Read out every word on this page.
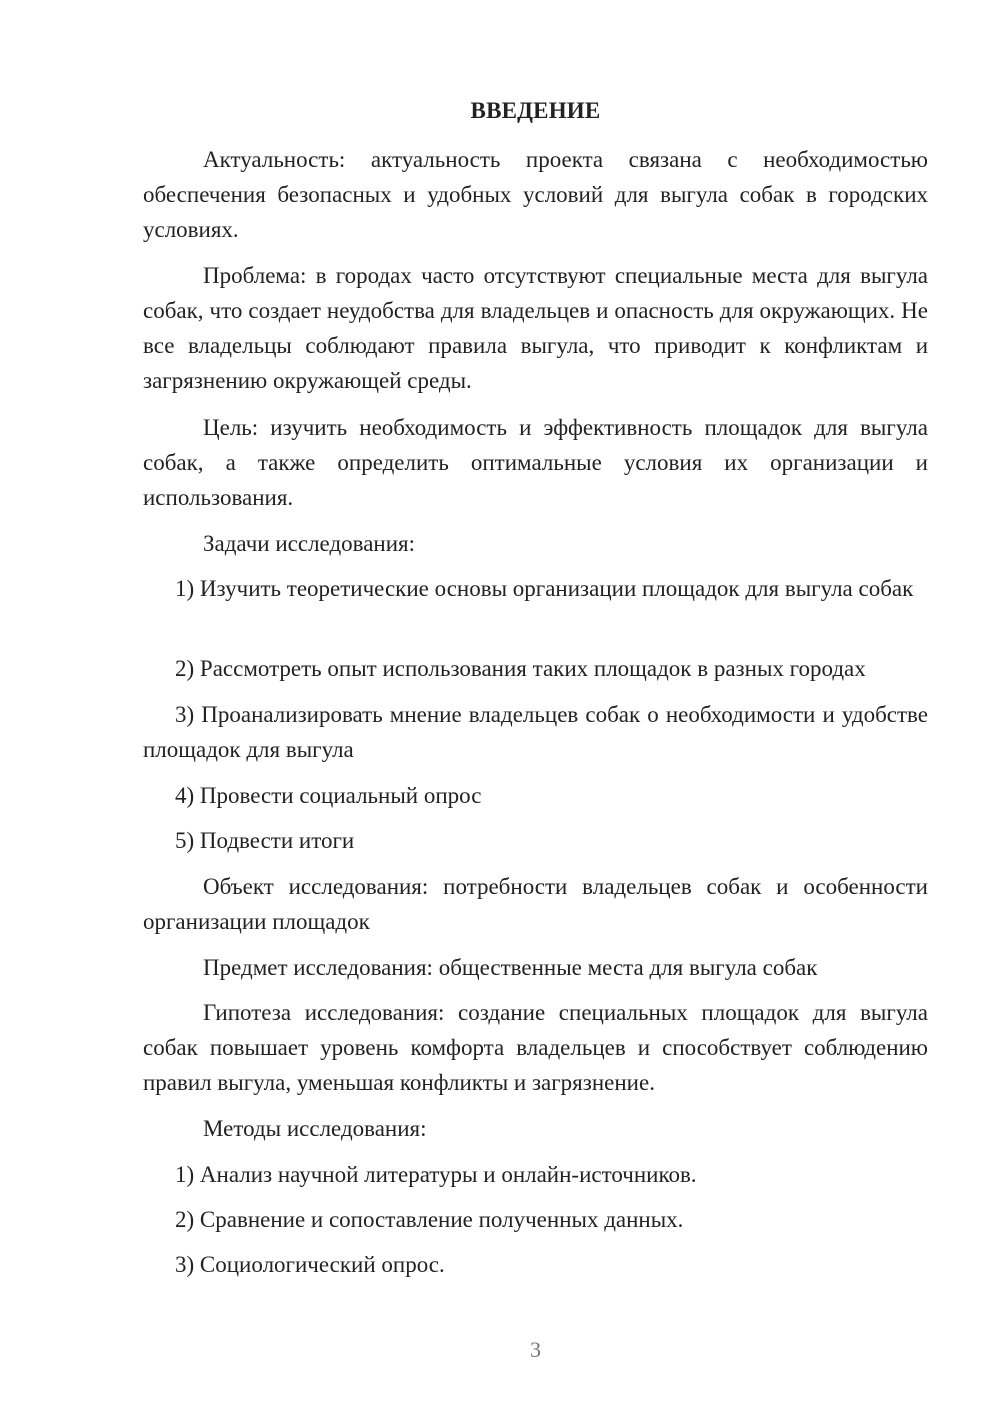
ВВЕДЕНИЕ

Актуальность: актуальность проекта связана с необходимостью обеспечения безопасных и удобных условий для выгула собак в городских условиях.

Проблема: в городах часто отсутствуют специальные места для выгула собак, что создает неудобства для владельцев и опасность для окружающих. Не все владельцы соблюдают правила выгула, что приводит к конфликтам и загрязнению окружающей среды.

Цель: изучить необходимость и эффективность площадок для выгула собак, а также определить оптимальные условия их организации и использования.

Задачи исследования:

1) Изучить теоретические основы организации площадок для выгула собак

2) Рассмотреть опыт использования таких площадок в разных городах

3) Проанализировать мнение владельцев собак о необходимости и удобстве площадок для выгула

4) Провести социальный опрос

5) Подвести итоги

Объект исследования: потребности владельцев собак и особенности организации площадок

Предмет исследования: общественные места для выгула собак

Гипотеза исследования: создание специальных площадок для выгула собак повышает уровень комфорта владельцев и способствует соблюдению правил выгула, уменьшая конфликты и загрязнение.

Методы исследования:

1) Анализ научной литературы и онлайн-источников.

2) Сравнение и сопоставление полученных данных.

3) Социологический опрос.

3
